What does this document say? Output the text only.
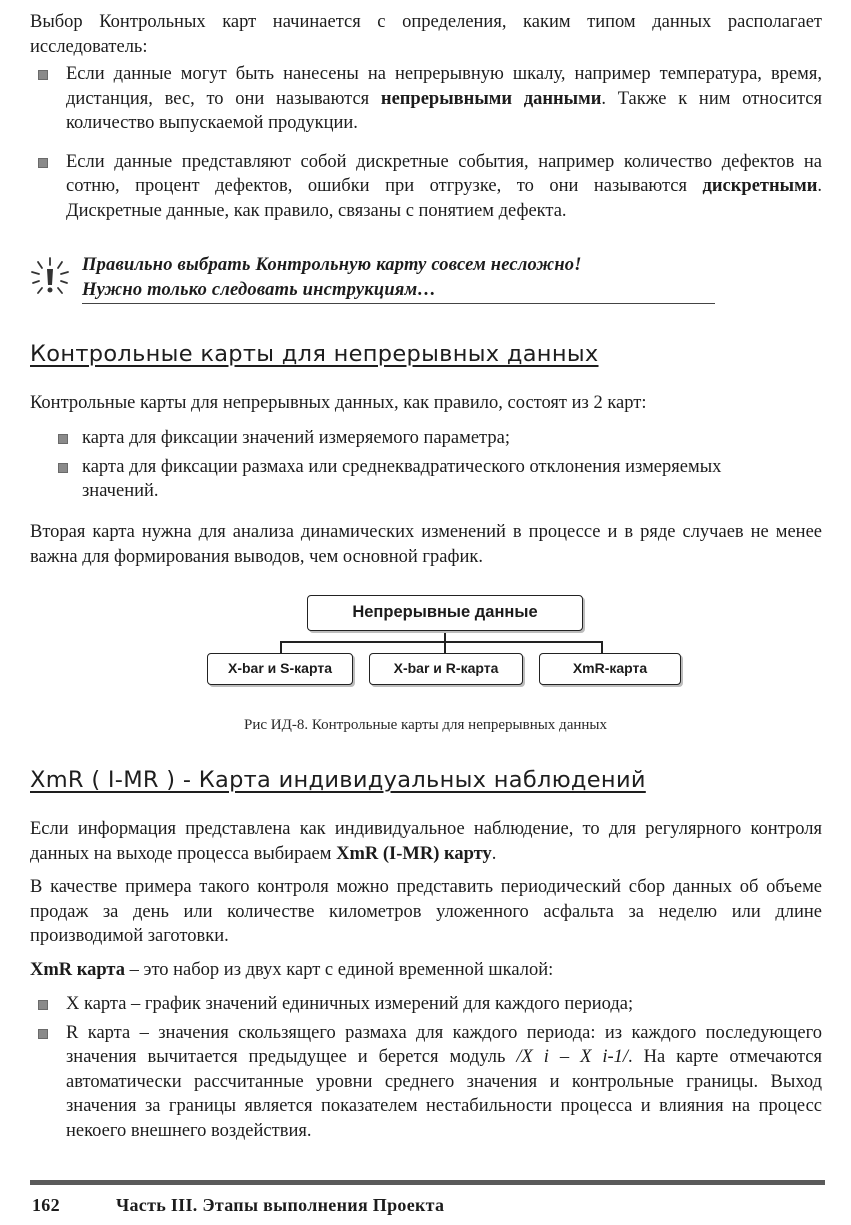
Выбор Контрольных карт начинается с определения, каким типом данных располагает исследователь:

Если данные могут быть нанесены на непрерывную шкалу, например температура, время, дистанция, вес, то они называются непрерывными данными. Также к ним относится количество выпускаемой продукции.
Если данные представляют собой дискретные события, например количество дефектов на сотню, процент дефектов, ошибки при отгрузке, то они называются дискретными. Дискретные данные, как правило, связаны с понятием дефекта.
Правильно выбрать Контрольную карту совсем несложно!
Нужно только следовать инструкциям…
Контрольные карты для непрерывных данных

Контрольные карты для непрерывных данных, как правило, состоят из 2 карт:

карта для фиксации значений измеряемого параметра;
карта для фиксации размаха или среднеквадратического отклонения измеряемых значений.

Вторая карта нужна для анализа динамических изменений в процессе и в ряде случаев не менее важна для формирования выводов, чем основной график.

Непрерывные данные
X-bar и S-карта	X-bar и R-карта	XmR-карта
Рис ИД-8. Контрольные карты для непрерывных данных
XmR ( I-MR ) - Карта индивидуальных наблюдений

Если информация представлена как индивидуальное наблюдение, то для регулярного контроля данных на выходе процесса выбираем XmR (I-MR) карту.

В качестве примера такого контроля можно представить периодический сбор данных об объеме продаж за день или количестве километров уложенного асфальта за неделю или длине производимой заготовки.

XmR карта – это набор из двух карт с единой временной шкалой:

X карта – график значений единичных измерений для каждого периода;
R карта – значения скользящего размаха для каждого периода: из каждого последующего значения вычитается предыдущее и берется модуль /X i – X i-1/. На карте отмечаются автоматически рассчитанные уровни среднего значения и контрольные границы. Выход значения за границы является показателем нестабильности процесса и влияния на процесс некоего внешнего воздействия.
162	Часть III. Этапы выполнения Проекта
